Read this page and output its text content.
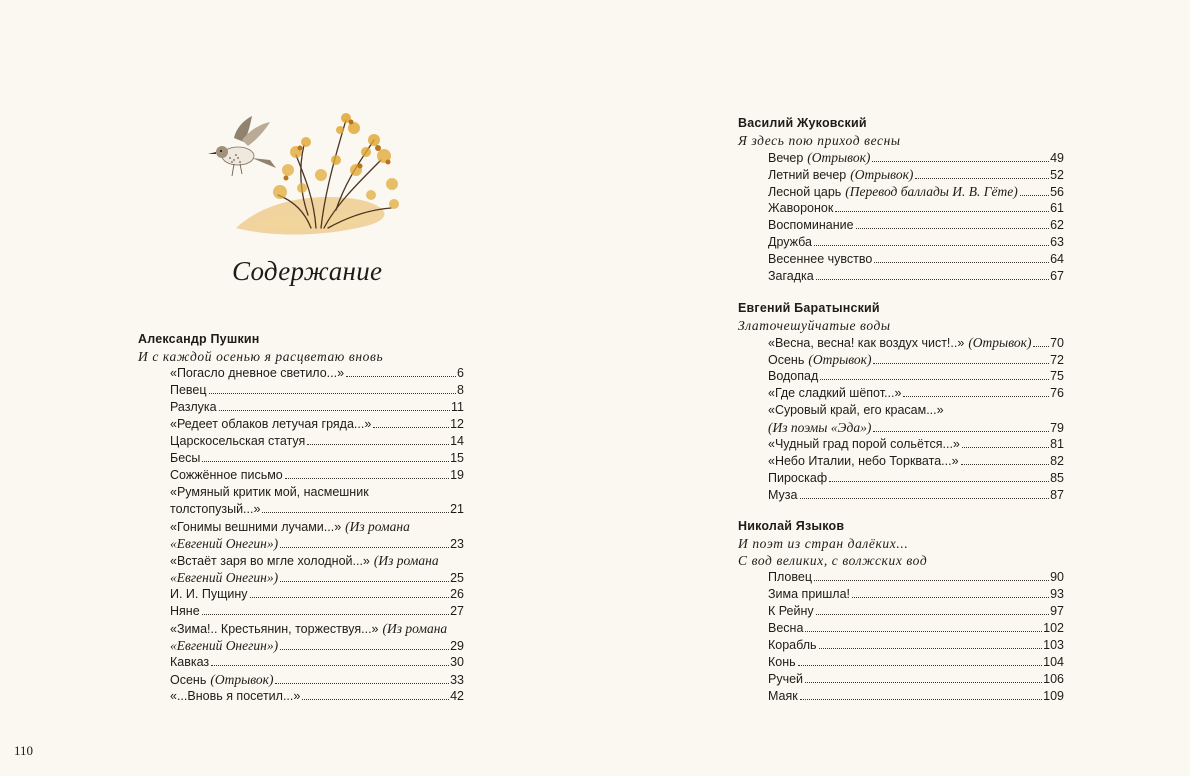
Содержание
Александр Пушкин
И с каждой осенью я расцветаю вновь
«Погасло дневное светило...»	6
Певец	8
Разлука	11
«Редеет облаков летучая гряда...»	12
Царскосельская статуя	14
Бесы	15
Сожжённое письмо	19
«Румяный критик мой, насмешник
толстопузый...»	21
«Гонимы вешними лучами...» (Из романа
«Евгений Онегин»)	23
«Встаёт заря во мгле холодной...» (Из романа
«Евгений Онегин»)	25
И. И. Пущину	26
Няне	27
«Зима!.. Крестьянин, торжествуя...» (Из романа
«Евгений Онегин»)	29
Кавказ	30
Осень (Отрывок)	33
«...Вновь я посетил...»	42
Василий Жуковский
Я здесь пою приход весны
Вечер (Отрывок)	49
Летний вечер (Отрывок)	52
Лесной царь (Перевод баллады И. В. Гёте)	56
Жаворонок	61
Воспоминание	62
Дружба	63
Весеннее чувство	64
Загадка	67
Евгений Баратынский
Златочешуйчатые воды
«Весна, весна! как воздух чист!..» (Отрывок) 70
Осень (Отрывок)	72
Водопад	75
«Где сладкий шёпот...»	76
«Суровый край, его красам...»
(Из поэмы «Эда»)	79
«Чудный град порой сольётся...»	81
«Небо Италии, небо Торквата...»	82
Пироскаф	85
Муза	87
Николай Языков
И поэт из стран далёких...
С вод великих, с волжских вод
Пловец	90
Зима пришла!	93
К Рейну	97
Весна	102
Корабль	103
Конь	104
Ручей	106
Маяк	109
110
